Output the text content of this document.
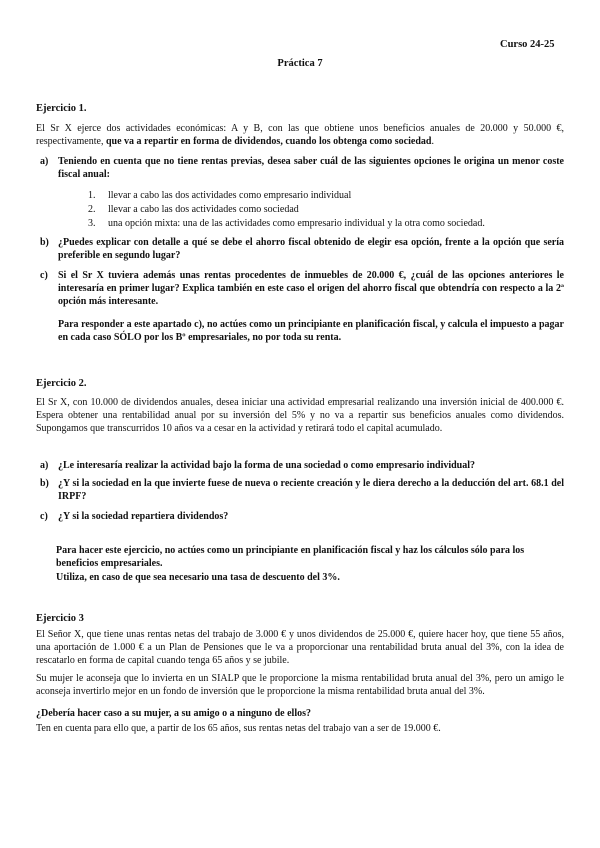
Curso 24-25
Práctica 7
Ejercicio 1.
El Sr X ejerce dos actividades económicas: A y B, con las que obtiene unos beneficios anuales de 20.000 y 50.000 €, respectivamente, que va a repartir en forma de dividendos, cuando los obtenga como sociedad.
a) Teniendo en cuenta que no tiene rentas previas, desea saber cuál de las siguientes opciones le origina un menor coste fiscal anual:
1. llevar a cabo las dos actividades como empresario individual
2. llevar a cabo las dos actividades como sociedad
3. una opción mixta: una de las actividades como empresario individual y la otra como sociedad.
b) ¿Puedes explicar con detalle a qué se debe el ahorro fiscal obtenido de elegir esa opción, frente a la opción que sería preferible en segundo lugar?
c) Si el Sr X tuviera además unas rentas procedentes de inmuebles de 20.000 €, ¿cuál de las opciones anteriores le interesaría en primer lugar? Explica también en este caso el origen del ahorro fiscal que obtendría con respecto a la 2ª opción más interesante.
Para responder a este apartado c), no actúes como un principiante en planificación fiscal, y calcula el impuesto a pagar en cada caso SÓLO por los Bº empresariales, no por toda su renta.
Ejercicio 2.
El Sr X, con 10.000 de dividendos anuales, desea iniciar una actividad empresarial realizando una inversión inicial de 400.000 €. Espera obtener una rentabilidad anual por su inversión del 5% y no va a repartir sus beneficios anuales como dividendos. Supongamos que transcurridos 10 años va a cesar en la actividad y retirará todo el capital acumulado.
a) ¿Le interesaría realizar la actividad bajo la forma de una sociedad o como empresario individual?
b) ¿Y si la sociedad en la que invierte fuese de nueva o reciente creación y le diera derecho a la deducción del art. 68.1 del IRPF?
c) ¿Y si la sociedad repartiera dividendos?
Para hacer este ejercicio, no actúes como un principiante en planificación fiscal y haz los cálculos sólo para los beneficios empresariales.
Utiliza, en caso de que sea necesario una tasa de descuento del 3%.
Ejercicio 3
El Señor X, que tiene unas rentas netas del trabajo de 3.000 € y unos dividendos de 25.000 €, quiere hacer hoy, que tiene 55 años, una aportación de 1.000 € a un Plan de Pensiones que le va a proporcionar una rentabilidad bruta anual del 3%, con la idea de rescatarlo en forma de capital cuando tenga 65 años y se jubile.
Su mujer le aconseja que lo invierta en un SIALP que le proporcione la misma rentabilidad bruta anual del 3%, pero un amigo le aconseja invertirlo mejor en un fondo de inversión que le proporcione la misma rentabilidad bruta anual del 3%.
¿Debería hacer caso a su mujer, a su amigo o a ninguno de ellos?
Ten en cuenta para ello que, a partir de los 65 años, sus rentas netas del trabajo van a ser de 19.000 €.
